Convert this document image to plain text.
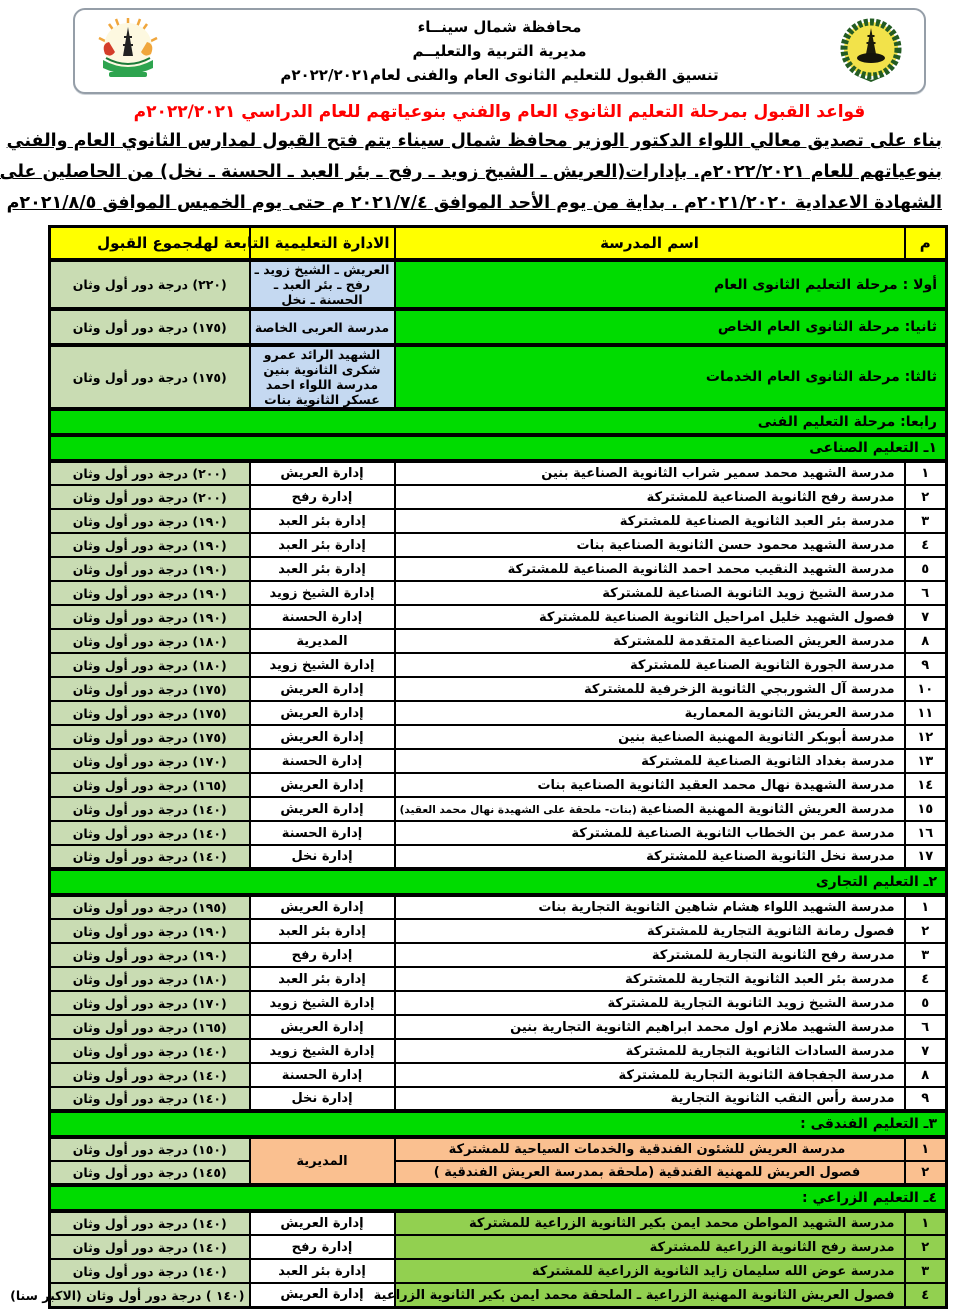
محافظة شمال سينــاء
مديرية التربية والتعليــم
تنسيق القبول للتعليم الثانوى العام والفنى لعام٢٠٢٢/٢٠٢١م
قواعد القبول بمرحلة التعليم الثانوي العام والفني بنوعياتهم للعام الدراسي ٢٠٢٢/٢٠٢١م
بناء على تصديق معالي اللواء الدكتور الوزير محافظ شمال سيناء يتم فتح القبول لمدارس الثانوي العام والفني
بنوعياتهم للعام ٢٠٢٢/٢٠٢١م. بإدارات(العريش ـ الشيخ زويد ـ رفح ـ بئر العبد ـ الحسنة ـ نخل) من الحاصلين على
الشهادة الاعدادية ٢٠٢١/٢٠٢٠م . بداية من يوم الأحد الموافق ٢٠٢١/٧/٤ م حتى يوم الخميس الموافق ٢٠٢١/٨/٥م
م	اسم المدرسة	الادارة التعليمية التابعة لها	مجموع القبول
أولا : مرحلة التعليم الثانوى العام		العريش ـ الشيخ زويد ـ رفح ـ بئر العبد ـ الحسنة ـ نخل	(٢٢٠) درجة دور أول وثان
ثانيا: مرحلة الثانوى العام الخاص		مدرسة العربى الخاصة	(١٧٥) درجة دور أول وثان
ثالثا: مرحلة الثانوى العام الخدمات		الشهيد الرائد عمرو شكرى الثانوية بنين
مدرسة اللواء احمد عسكر الثانوية بنات	(١٧٥) درجة دور أول وثان
رابعا: مرحلة التعليم الفنى			
١ـ التعليم الصناعى			
١	مدرسة الشهيد محمد سمير شراب الثانوية الصناعية بنين	إدارة العريش	(٢٠٠) درجة دور أول وثان
٢	مدرسة رفح الثانوية الصناعية للمشتركة	إدارة رفح	(٢٠٠) درجة دور أول وثان
٣	مدرسة بئر العبد الثانوية الصناعية للمشتركة	إدارة بئر العبد	(١٩٠) درجة دور أول وثان
٤	مدرسة الشهيد محمود حسن الثانوية الصناعية بنات	إدارة بئر العبد	(١٩٠) درجة دور أول وثان
٥	مدرسة الشهيد النقيب محمد احمد الثانوية الصناعية للمشتركة	إدارة بئر العبد	(١٩٠) درجة دور أول وثان
٦	مدرسة الشيخ زويد الثانوية الصناعية للمشتركة	إدارة الشيخ زويد	(١٩٠) درجة دور أول وثان
٧	فصول الشهيد خليل امراحيل الثانوية الصناعية للمشتركة	إدارة الحسنة	(١٩٠) درجة دور أول وثان
٨	مدرسة العريش الصناعية المتقدمة للمشتركة	المديرية	(١٨٠) درجة دور أول وثان
٩	مدرسة الجورة الثانوية الصناعية للمشتركة	إدارة الشيخ زويد	(١٨٠) درجة دور أول وثان
١٠	مدرسة آل الشوربجي الثانوية الزخرفية للمشتركة	إدارة العريش	(١٧٥) درجة دور أول وثان
١١	مدرسة العريش الثانوية المعمارية	إدارة العريش	(١٧٥) درجة دور أول وثان
١٢	مدرسة أبوبكر الثانوية المهنية الصناعية بنين	إدارة العريش	(١٧٥) درجة دور أول وثان
١٣	مدرسة بغداد الثانوية الصناعية للمشتركة	إدارة الحسنة	(١٧٠) درجة دور أول وثان
١٤	مدرسة الشهيدة نهال محمد العقيد الثانوية الصناعية بنات	إدارة العريش	(١٦٥) درجة دور أول وثان
١٥	مدرسة العريش الثانوية المهنية الصناعية(بنات- ملحقة على الشهيدة نهال محمد العقيد)	إدارة العريش	(١٤٠) درجة دور أول وثان
١٦	مدرسة عمر بن الخطاب الثانوية الصناعية للمشتركة	إدارة الحسنة	(١٤٠) درجة دور أول وثان
١٧	مدرسة نخل الثانوية الصناعية للمشتركة	إدارة نخل	(١٤٠) درجة دور أول وثان
٢ـ التعليم التجارى			
١	مدرسة الشهيد اللواء هشام شاهين الثانوية التجارية بنات	إدارة العريش	(١٩٥) درجة دور أول وثان
٢	فصول رمانة الثانوية التجارية للمشتركة	إدارة بئر العبد	(١٩٠) درجة دور أول وثان
٣	مدرسة رفح الثانوية التجارية للمشتركة	إدارة رفح	(١٩٠) درجة دور أول وثان
٤	مدرسة بئر العبد الثانوية التجارية للمشتركة	إدارة بئر العبد	(١٨٠) درجة دور أول وثان
٥	مدرسة الشيخ زويد الثانوية التجارية للمشتركة	إدارة الشيخ زويد	(١٧٠) درجة دور أول وثان
٦	مدرسة الشهيد ملازم اول محمد ابراهيم الثانوية التجارية بنين	إدارة العريش	(١٦٥) درجة دور أول وثان
٧	مدرسة السادات الثانوية التجارية للمشتركة	إدارة الشيخ زويد	(١٤٠) درجة دور أول وثان
٨	مدرسة الجفجافة الثانوية التجارية للمشتركة	إدارة الحسنة	(١٤٠) درجة دور أول وثان
٩	مدرسة رأس النقب الثانوية التجارية	إدارة نخل	(١٤٠) درجة دور أول وثان
٣ـ التعليم الفندقى :			
١	مدرسة العريش للشئون الفندقية والخدمات السياحية للمشتركة	المديرية	(١٥٠) درجة دور أول وثان
٢	فصول العريش للمهنية الفندقية (ملحقة بمدرسة العريش الفندقية )		(١٤٥) درجة دور أول وثان
٤ـ التعليم الزراعي :			
١	مدرسة الشهيد المواطن محمد ايمن بكير الثانوية الزراعية للمشتركة	إدارة العريش	(١٤٠) درجة دور أول وثان
٢	مدرسة رفح الثانوية الزراعية للمشتركة	إدارة رفح	(١٤٠) درجة دور أول وثان
٣	مدرسة عوض الله سليمان زايد الثانوية الزراعية للمشتركة	إدارة بئر العبد	(١٤٠) درجة دور أول وثان
٤	فصول العريش الثانوية المهنية الزراعية ـ الملحقة محمد ايمن بكير الثانوية الزراعية	إدارة العريش	(١٤٠ ) درجة دور أول وثان (الاكبر سنا)
